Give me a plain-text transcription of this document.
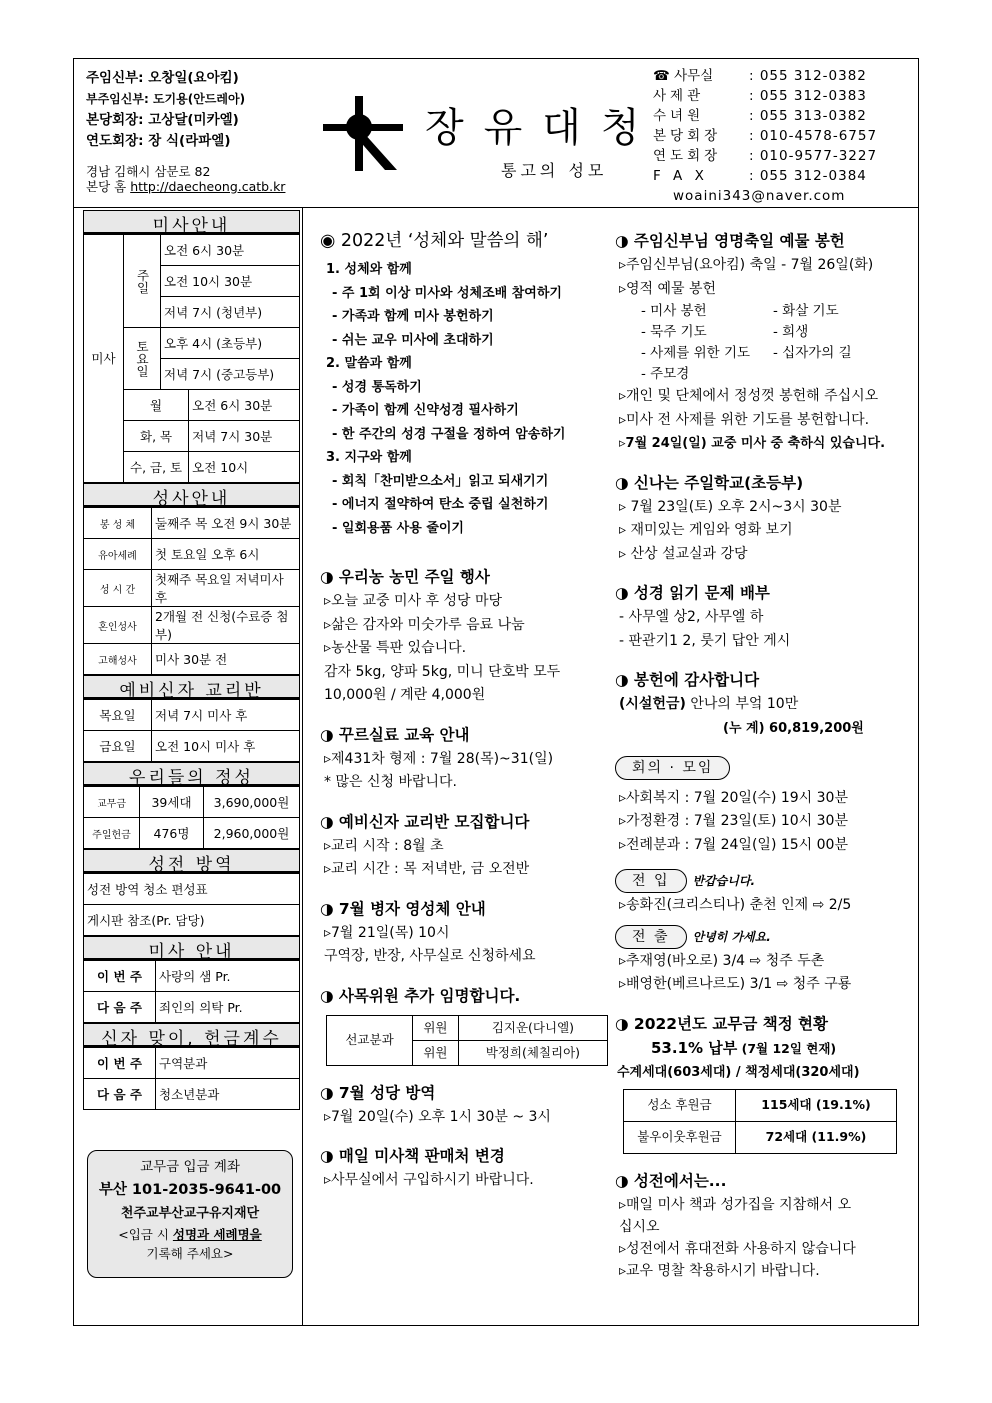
주임신부: 오창일(요아킴)
부주임신부: 도기용(안드레아)
본당회장: 고상달(미카엘)
연도회장: 장 식(라파엘)
경남 김해시 삼문로 82
본당 홈 http://daecheong.catb.kr
장유대청
통고의 성모
☎ 사무실	: 055 312-0382
사제관	: 055 312-0383
수녀원	: 055 313-0382
본당회장	: 010-4578-6757
연도회장	: 010-9577-3227
F A X	: 055 312-0384
woaini343@naver.com
미사안내
미사	주일	오전 6시 30분	
		오전 10시 30분	
		저녁 7시 (청년부)	
	토요일	오후 4시 (초등부)	
		저녁 7시 (중고등부)	
	월		오전 6시 30분
	화, 목		저녁 7시 30분
	수, 금, 토		오전 10시
성사안내
봉 성 체	둘째주 목 오전 9시 30분
유아세례	첫 토요일 오후 6시
성 시 간	첫째주 목요일 저녁미사 후
혼인성사	2개월 전 신청(수료증 첨부)
고해성사	미사 30분 전
예비신자 교리반
목요일	저녁 7시 미사 후
금요일	오전 10시 미사 후
우리들의 정성
교무금	39세대	3,690,000원
주일헌금	476명	2,960,000원
성전 방역
성전 방역 청소 편성표
게시판 참조(Pr. 담당)
미사 안내
이 번 주	사랑의 샘 Pr.
다 음 주	죄인의 의탁 Pr.
신자 맞이, 헌금계수
이 번 주	구역분과
다 음 주	청소년분과
교무금 입금 계좌
부산 101-2035-9641-00
천주교부산교구유지재단
<입금 시 성명과 세례명을
기록해 주세요>
◉ 2022년 ‘성체와 말씀의 해’
1. 성체와 함께
- 주 1회 이상 미사와 성체조배 참여하기
- 가족과 함께 미사 봉헌하기
- 쉬는 교우 미사에 초대하기
2. 말씀과 함께
- 성경 통독하기
- 가족이 함께 신약성경 필사하기
- 한 주간의 성경 구절을 정하여 암송하기
3. 지구와 함께
- 회칙「찬미받으소서」읽고 되새기기
- 에너지 절약하여 탄소 중립 실천하기
- 일회용품 사용 줄이기
◑ 우리농 농민 주일 행사
▹오늘 교중 미사 후 성당 마당
▹삶은 감자와 미숫가루 음료 나눔
▹농산물 특판 있습니다.
감자 5kg, 양파 5kg, 미니 단호박 모두
10,000원 / 계란 4,000원
◑ 꾸르실료 교육 안내
▹제431차 형제 : 7월 28(목)~31(일)
* 많은 신청 바랍니다.
◑ 예비신자 교리반 모집합니다
▹교리 시작 : 8월 초
▹교리 시간 : 목 저녁반, 금 오전반
◑ 7월 병자 영성체 안내
▹7월 21일(목) 10시
구역장, 반장, 사무실로 신청하세요
◑ 사목위원 추가 임명합니다.
선교분과	위원	김지운(다니엘)
	위원	박정희(체칠리아)
◑ 7월 성당 방역
▹7월 20일(수) 오후 1시 30분 ~ 3시
◑ 매일 미사책 판매처 변경
▹사무실에서 구입하시기 바랍니다.
◑ 주임신부님 영명축일 예물 봉헌
▹주임신부님(요아킴) 축일 - 7월 26일(화)
▹영적 예물 봉헌
- 미사 봉헌	- 화살 기도
- 묵주 기도	- 희생
- 사제를 위한 기도	- 십자가의 길
- 주모경
▹개인 및 단체에서 정성껏 봉헌해 주십시오
▹미사 전 사제를 위한 기도를 봉헌합니다.
▹7월 24일(일) 교중 미사 중 축하식 있습니다.
◑ 신나는 주일학교(초등부)
▹ 7월 23일(토) 오후 2시~3시 30분
▹ 재미있는 게임와 영화 보기
▹ 산상 설교실과 강당
◑ 성경 읽기 문제 배부
- 사무엘 상2, 사무엘 하
- 판관기1 2, 룻기 답안 게시
◑ 봉헌에 감사합니다
(시설헌금) 안나의 부엌 10만
(누 계) 60,819,200원
회의 · 모임
▹사회복지 : 7월 20일(수) 19시 30분
▹가정환경 : 7월 23일(토) 10시 30분
▹전례분과 : 7월 24일(일) 15시 00분
전 입 반갑습니다.
▹송화진(크리스티나) 춘천 인제 ⇨ 2/5
전 출 안녕히 가세요.
▹추재영(바오로) 3/4 ⇨ 청주 두촌
▹배영한(베르나르도) 3/1 ⇨ 청주 구룡
◑ 2022년도 교무금 책정 현황
53.1% 납부 (7월 12일 현재)
수계세대(603세대) / 책정세대(320세대)
성소 후원금	115세대 (19.1%)
불우이웃후원금	72세대 (11.9%)
◑ 성전에서는...
▹매일 미사 책과 성가집을 지참해서 오
십시오
▹성전에서 휴대전화 사용하지 않습니다
▹교우 명찰 착용하시기 바랍니다.
